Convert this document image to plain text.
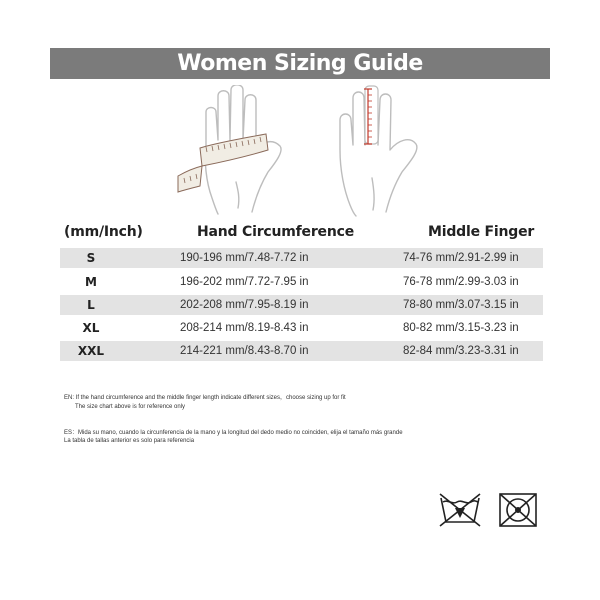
Women Sizing Guide
(mm/Inch)	Hand Circumference	Middle Finger
S	190-196 mm/7.48-7.72 in	74-76 mm/2.91-2.99 in
M	196-202 mm/7.72-7.95 in	76-78 mm/2.99-3.03 in
L	202-208 mm/7.95-8.19 in	78-80 mm/3.07-3.15 in
XL	208-214 mm/8.19-8.43 in	80-82 mm/3.15-3.23 in
XXL	214-221 mm/8.43-8.70 in	82-84 mm/3.23-3.31 in
EN: If the hand circumference and the middle finger length indicate different sizes，choose sizing up for fit
The size chart above is for reference only
ES：Mida su mano, cuando la circunferencia de la mano y la longitud del dedo medio no coinciden, elija el tamaño más grande
La tabla de tallas anterior es solo para referencia
